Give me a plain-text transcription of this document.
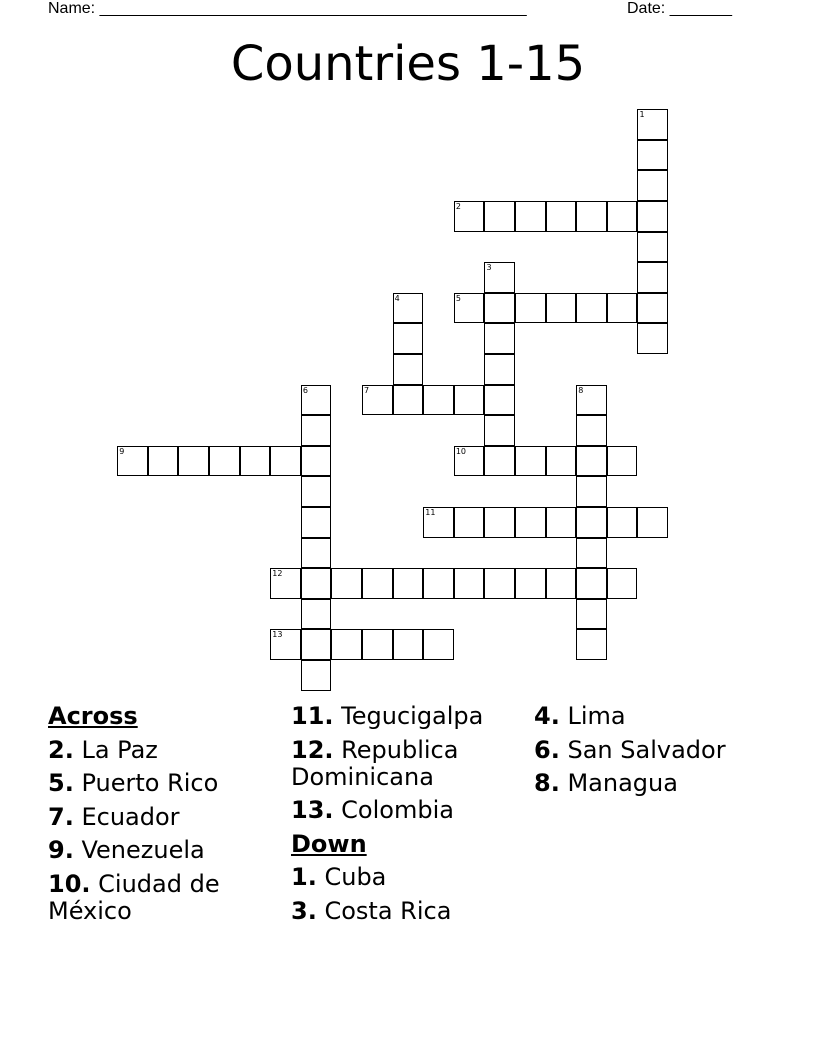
Name: ________________________________________________	Date: _______
Countries 1-15
1
2
3
4	5
6	7	8
9	10
11
12
13
Across
2. La Paz
5. Puerto Rico
7. Ecuador
9. Venezuela
10. Ciudad de México
11. Tegucigalpa
12. Republica Dominicana
13. Colombia
Down
1. Cuba
3. Costa Rica
4. Lima
6. San Salvador
8. Managua
